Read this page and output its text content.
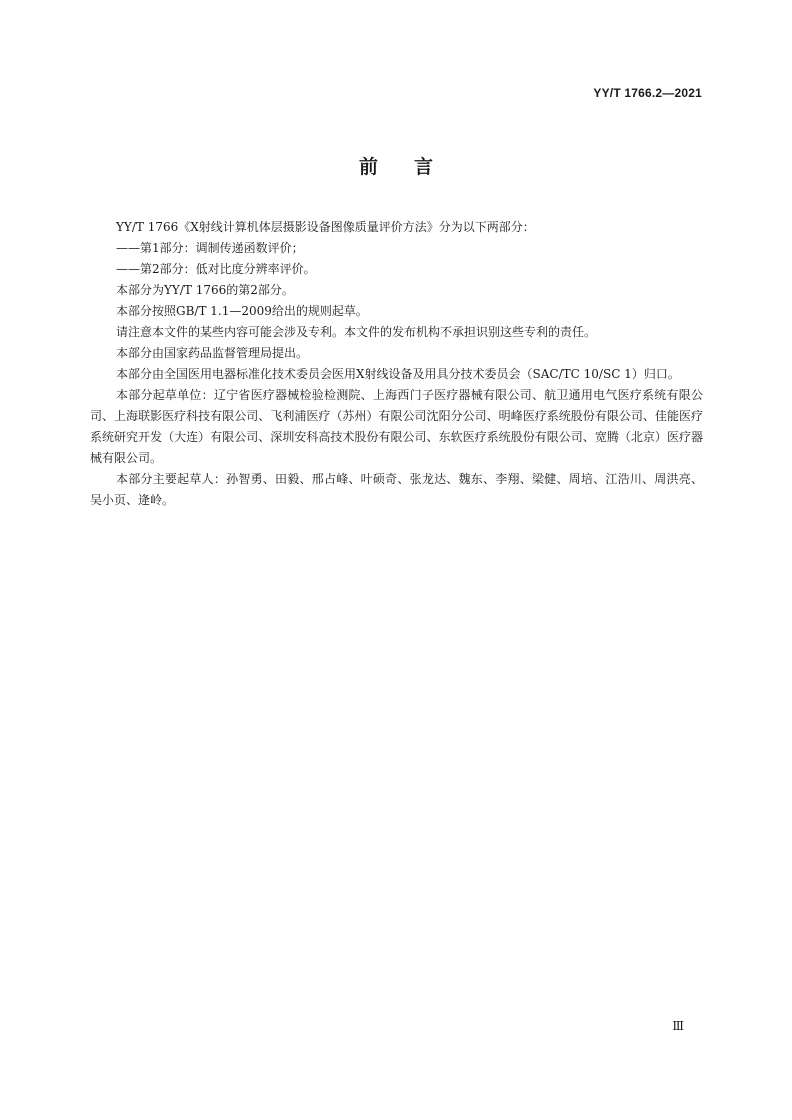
YY/T 1766.2—2021
前言

YY/T 1766《X射线计算机体层摄影设备图像质量评价方法》分为以下两部分：

——第1部分：调制传递函数评价；

——第2部分：低对比度分辨率评价。

本部分为YY/T 1766的第2部分。

本部分按照GB/T 1.1—2009给出的规则起草。

请注意本文件的某些内容可能会涉及专利。本文件的发布机构不承担识别这些专利的责任。

本部分由国家药品监督管理局提出。

本部分由全国医用电器标准化技术委员会医用X射线设备及用具分技术委员会（SAC/TC 10/SC 1）归口。

本部分起草单位：辽宁省医疗器械检验检测院、上海西门子医疗器械有限公司、航卫通用电气医疗系统有限公司、上海联影医疗科技有限公司、飞利浦医疗（苏州）有限公司沈阳分公司、明峰医疗系统股份有限公司、佳能医疗系统研究开发（大连）有限公司、深圳安科高技术股份有限公司、东软医疗系统股份有限公司、宽腾（北京）医疗器械有限公司。

本部分主要起草人：孙智勇、田毅、邢占峰、叶硕奇、张龙达、魏东、李翔、梁健、周培、江浩川、周洪亮、吴小页、逄岭。

Ⅲ
